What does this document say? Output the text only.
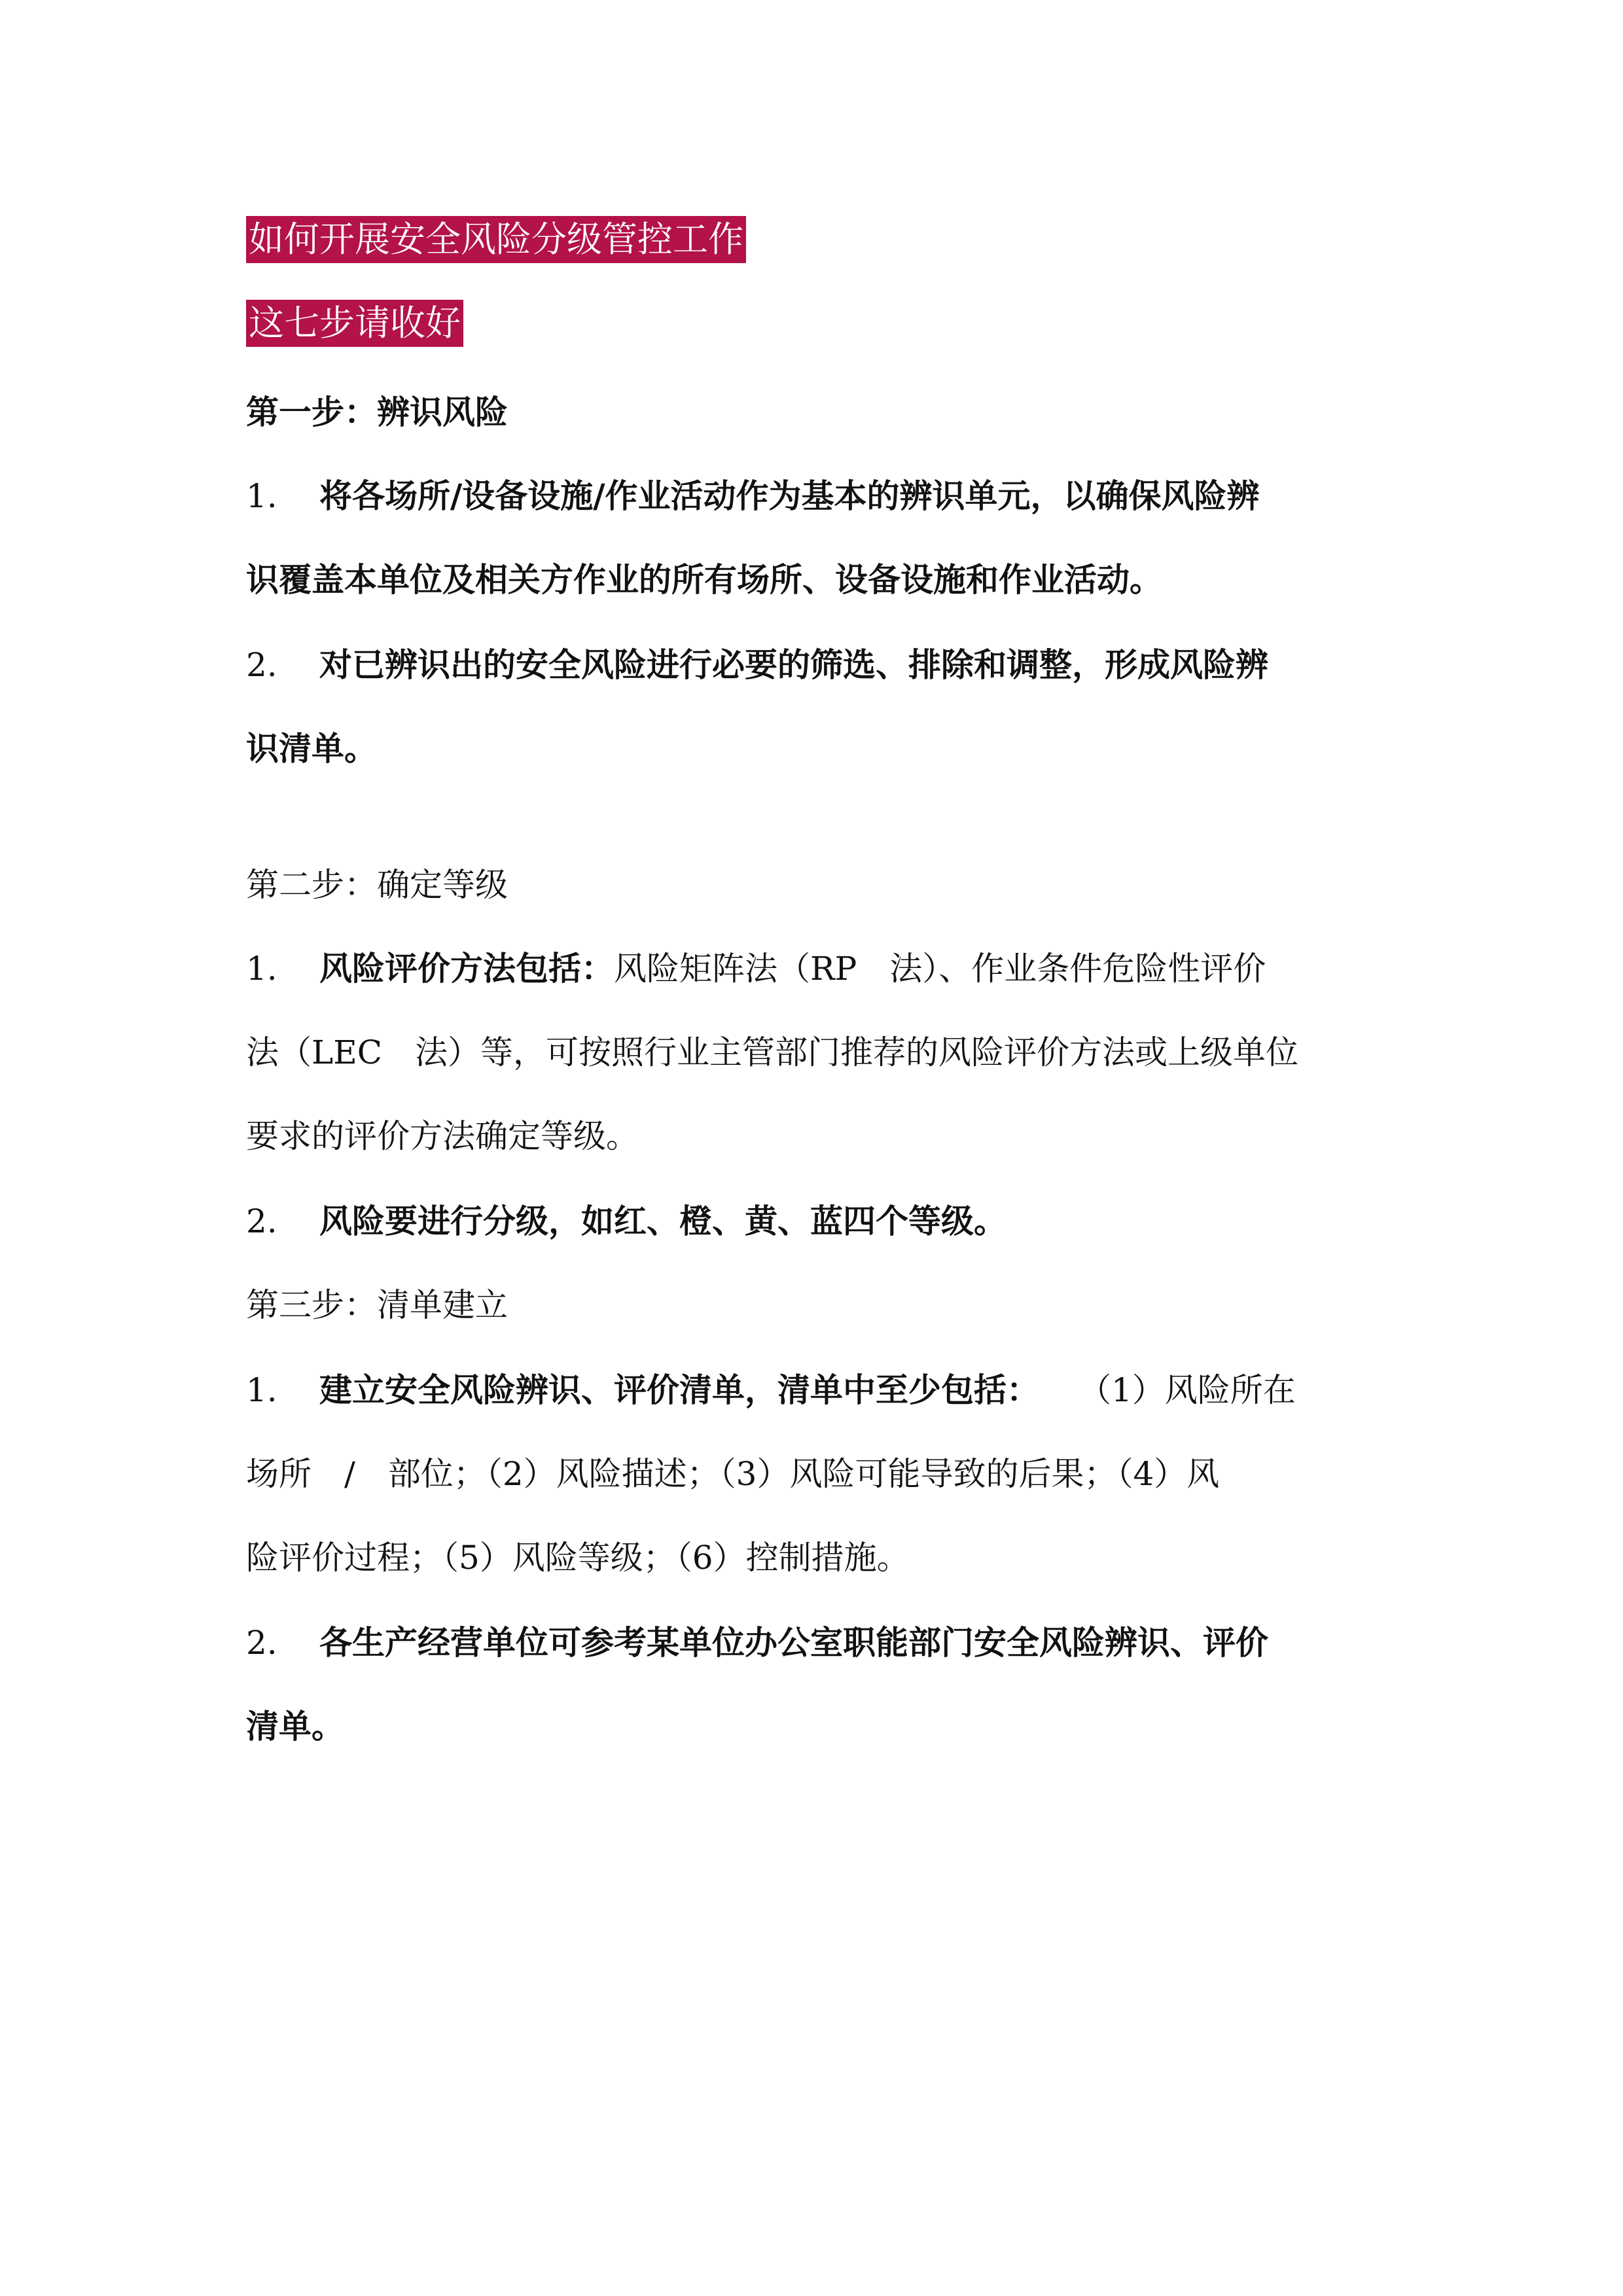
如何开展安全风险分级管控工作
这七步请收好
第一步：辨识风险
1. 将各场所/设备设施/作业活动作为基本的辨识单元，以确保风险辨
识覆盖本单位及相关方作业的所有场所、设备设施和作业活动。
2. 对已辨识出的安全风险进行必要的筛选、排除和调整，形成风险辨
识清单。
第二步：确定等级
1. 风险评价方法包括：风险矩阵法（RP　法）、作业条件危险性评价
法（LEC　法）等，可按照行业主管部门推荐的风险评价方法或上级单位
要求的评价方法确定等级。
2. 风险要进行分级，如红、橙、黄、蓝四个等级。
第三步：清单建立
1. 建立安全风险辨识、评价清单，清单中至少包括： （1）风险所在
场所　/　部位；（2）风险描述；（3）风险可能导致的后果；（4）风
险评价过程；（5）风险等级；（6）控制措施。
2. 各生产经营单位可参考某单位办公室职能部门安全风险辨识、评价
清单。
